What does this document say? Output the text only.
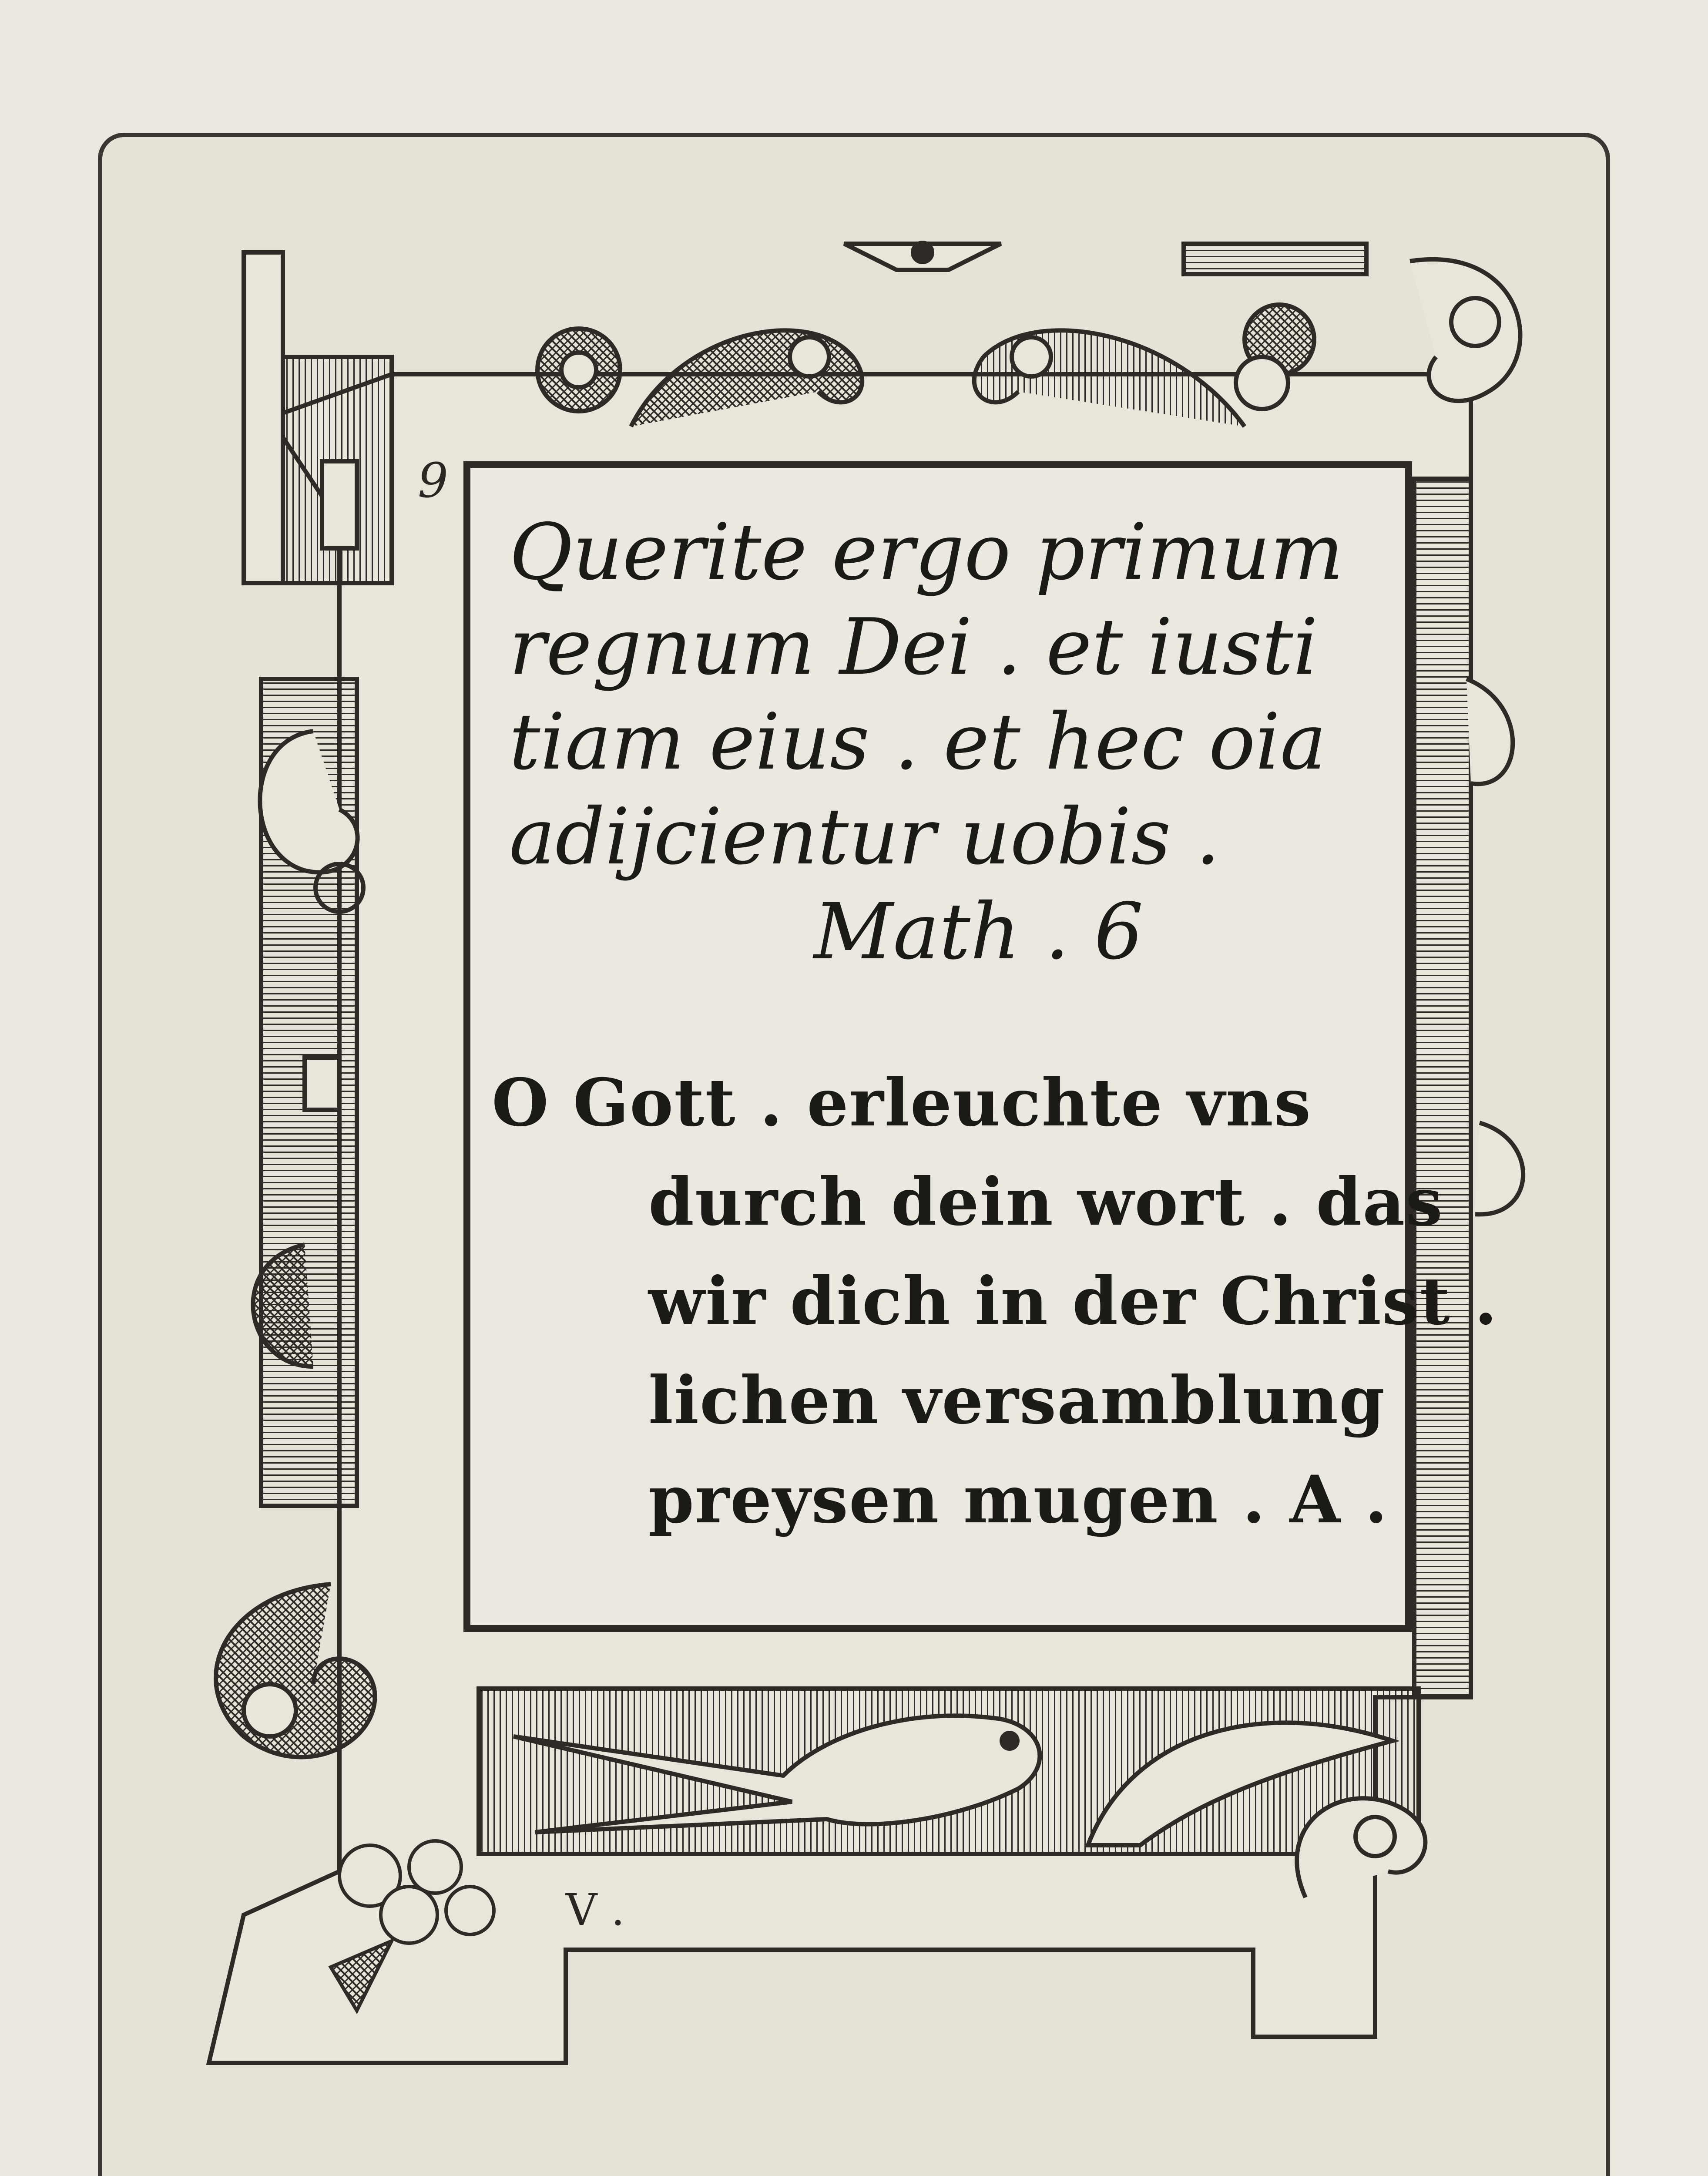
9
Querite ergo primum
regnum Dei . et iusti
tiam eius . et hec oia
adijcientur uobis .
Math . 6
O Gott . erleuchte vns
durch dein wort . das
wir dich in der Christ .
lichen versamblung
preysen mugen . A .
V .
